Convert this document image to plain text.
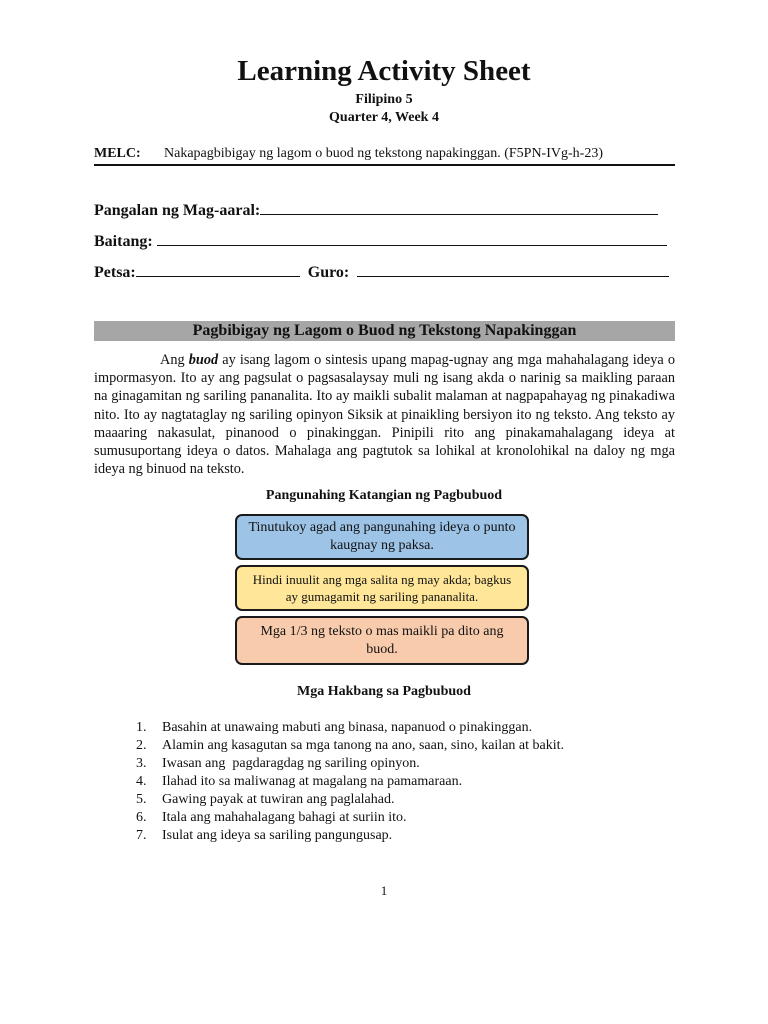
Learning Activity Sheet
Filipino 5
Quarter 4, Week 4
MELC: Nakapagbibigay ng lagom o buod ng tekstong napakinggan. (F5PN-IVg-h-23)
Pangalan ng Mag-aaral:
Baitang:
Petsa:	Guro:
Pagbibigay ng Lagom o Buod ng Tekstong Napakinggan
Ang buod ay isang lagom o sintesis upang mapag-ugnay ang mga mahahalagang ideya o impormasyon. Ito ay ang pagsulat o pagsasalaysay muli ng isang akda o narinig sa maikling paraan na ginagamitan ng sariling pananalita. Ito ay maikli subalit malaman at nagpapahayag ng pinakadiwa nito. Ito ay nagtataglay ng sariling opinyon Siksik at pinaikling bersiyon ito ng teksto. Ang teksto ay maaaring nakasulat, pinanood o pinakinggan. Pinipili rito ang pinakamahalagang ideya at sumusuportang ideya o datos. Mahalaga ang pagtutok sa lohikal at kronolohikal na daloy ng mga ideya ng binuod na teksto.
Pangunahing Katangian ng Pagbubuod
Tinutukoy agad ang pangunahing ideya o punto kaugnay ng paksa.
Hindi inuulit ang mga salita ng may akda; bagkus ay gumagamit ng sariling pananalita.
Mga 1/3 ng teksto o mas maikli pa dito ang buod.
Mga Hakbang sa Pagbubuod
1. Basahin at unawaing mabuti ang binasa, napanuod o pinakinggan.
2. Alamin ang kasagutan sa mga tanong na ano, saan, sino, kailan at bakit.
3. Iwasan ang  pagdaragdag ng sariling opinyon.
4. Ilahad ito sa maliwanag at magalang na pamamaraan.
5. Gawing payak at tuwiran ang paglalahad.
6. Itala ang mahahalagang bahagi at suriin ito.
7. Isulat ang ideya sa sariling pangungusap.
1
